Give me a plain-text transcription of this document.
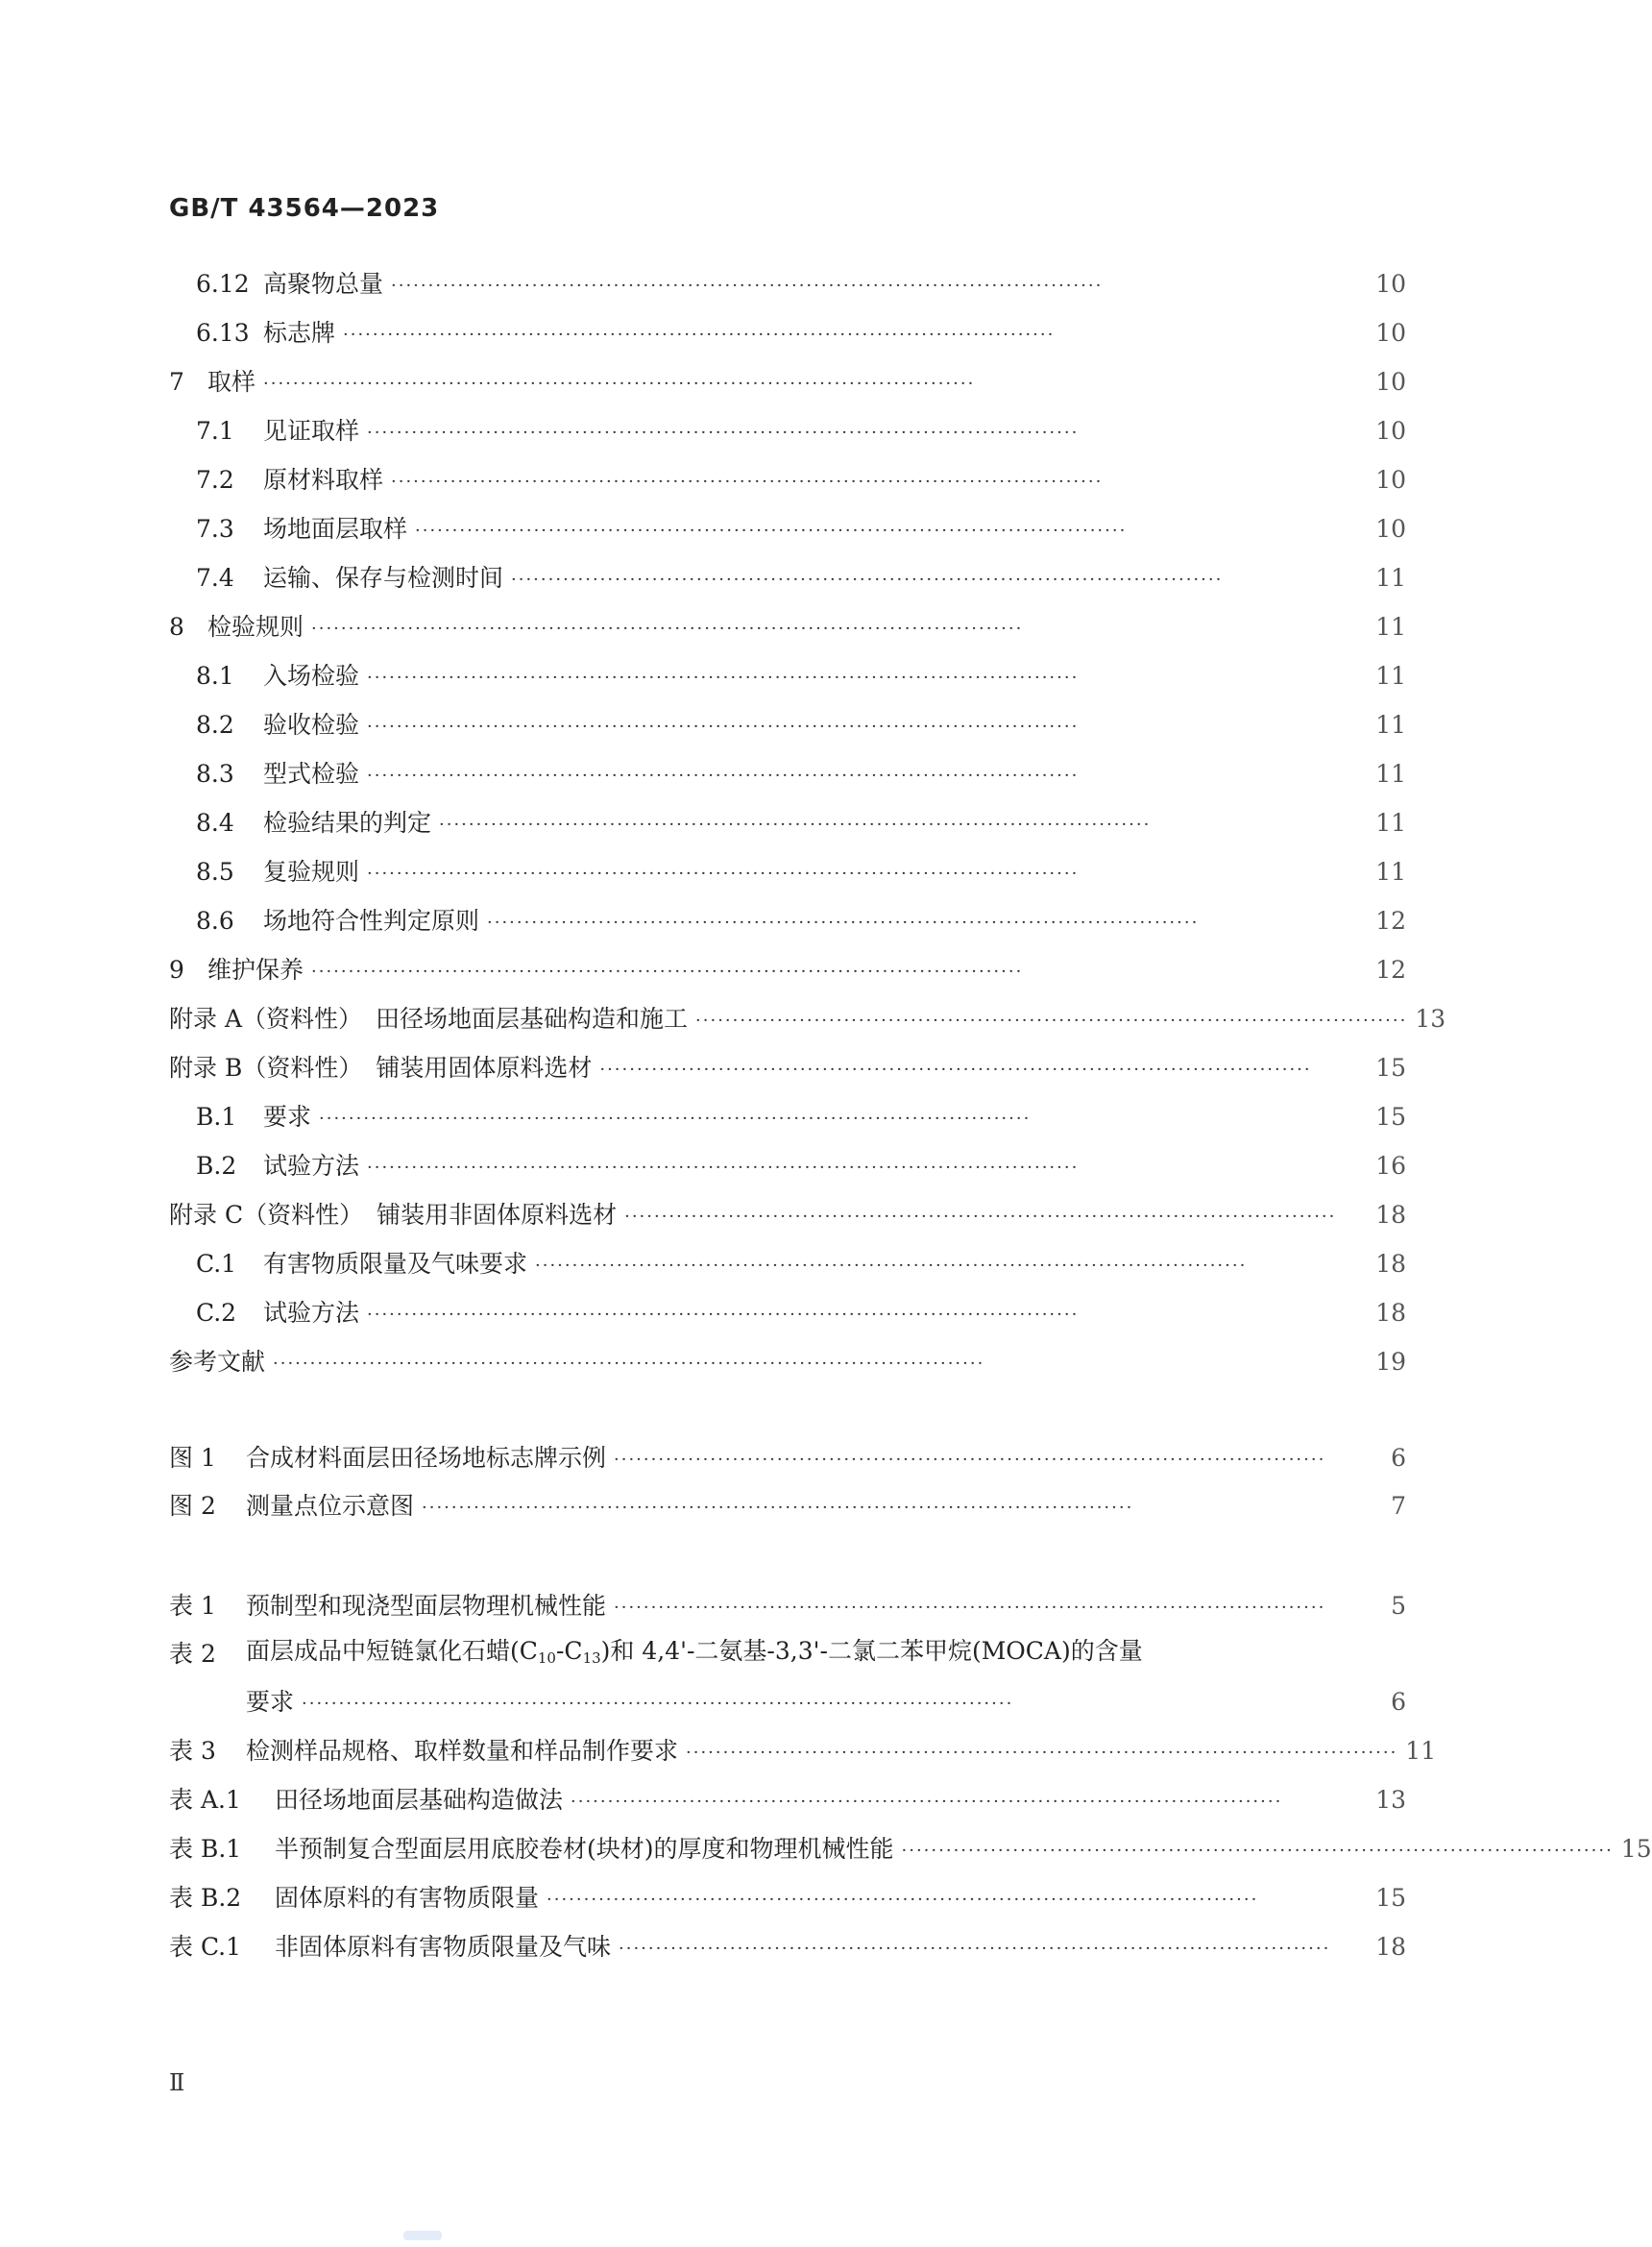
GB/T 43564—2023
6.12 高聚物总量 ································································································	10
6.13 标志牌 ································································································	10
7 取样 ································································································	10
7.1	见证取样 ································································································	10
7.2	原材料取样 ································································································	10
7.3	场地面层取样 ································································································	10
7.4	运输、保存与检测时间 ································································································	11
8 检验规则 ································································································	11
8.1	入场检验 ································································································	11
8.2	验收检验 ································································································	11
8.3	型式检验 ································································································	11
8.4	检验结果的判定 ································································································	11
8.5	复验规则 ································································································	11
8.6	场地符合性判定原则 ································································································	12
9 维护保养 ································································································	12
附录 A（资料性） 田径场地面层基础构造和施工 ································································································ 13
附录 B（资料性） 铺装用固体原料选材 ································································································	15
B.1	要求 ································································································	15
B.2	试验方法 ································································································	16
附录 C（资料性） 铺装用非固体原料选材 ································································································	18
C.1	有害物质限量及气味要求 ································································································	18
C.2	试验方法 ································································································	18
参考文献 ································································································	19
图 1	合成材料面层田径场地标志牌示例 ································································································	6
图 2	测量点位示意图 ································································································	7
表 1	预制型和现浇型面层物理机械性能 ································································································	5
表 2	面层成品中短链氯化石蜡$(C_{10}-C_{13})$和 4,4'-二氨基-3,3'-二氯二苯甲烷(MOCA)的含量
要求 ································································································	6
表 3	检测样品规格、取样数量和样品制作要求 ································································································ 11
表 A.1	田径场地面层基础构造做法 ································································································	13
表 B.1	半预制复合型面层用底胶卷材(块材)的厚度和物理机械性能 ································································································ 15
表 B.2	固体原料的有害物质限量 ································································································	15
表 C.1	非固体原料有害物质限量及气味 ································································································	18
Ⅱ
